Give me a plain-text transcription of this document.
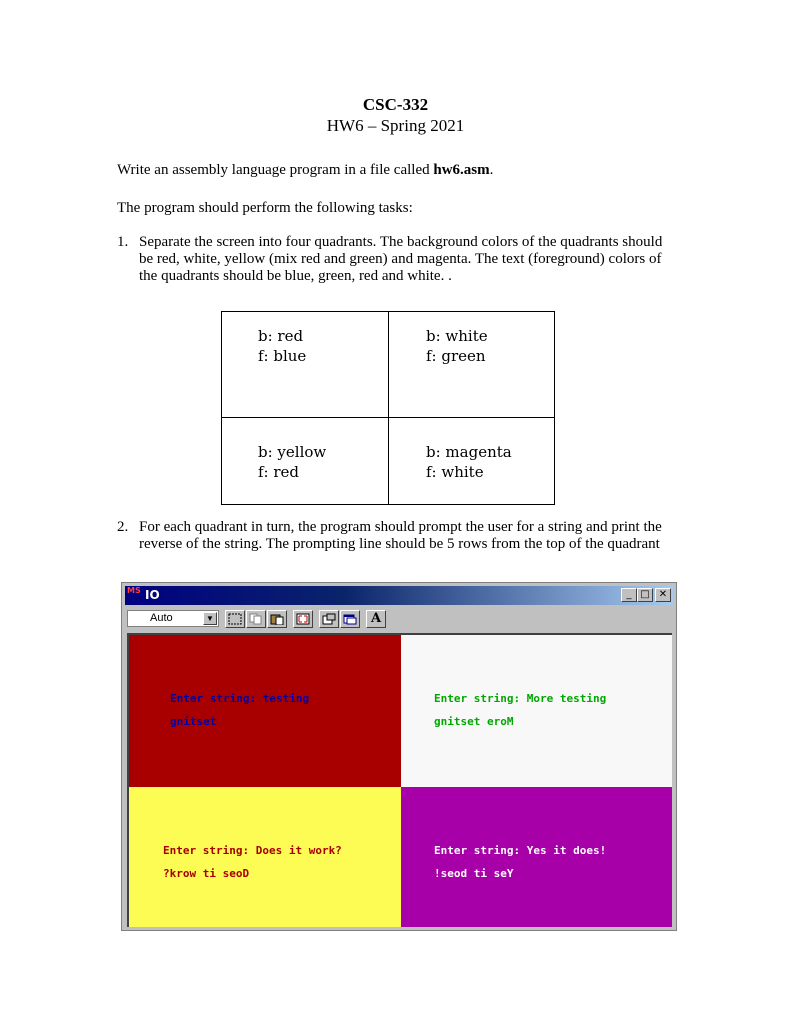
CSC-332
HW6 – Spring 2021
Write an assembly language program in a file called hw6.asm.
The program should perform the following tasks:
1. Separate the screen into four quadrants. The background colors of the quadrants should
be red, white, yellow (mix red and green) and magenta. The text (foreground) colors of
the quadrants should be blue, green, red and white. .
b: red
f: blue
b: white
f: green
b: yellow
f: red
b: magenta
f: white
2. For each quadrant in turn, the program should prompt the user for a string and print the
reverse of the string. The prompting line should be 5 rows from the top of the quadrant
MS IO	_ □ ✕
Auto	▼	A
Enter string: testing
gnitset
Enter string: More testing
gnitset eroM
Enter string: Does it work?
?krow ti seoD
Enter string: Yes it does!
!seod ti seY
